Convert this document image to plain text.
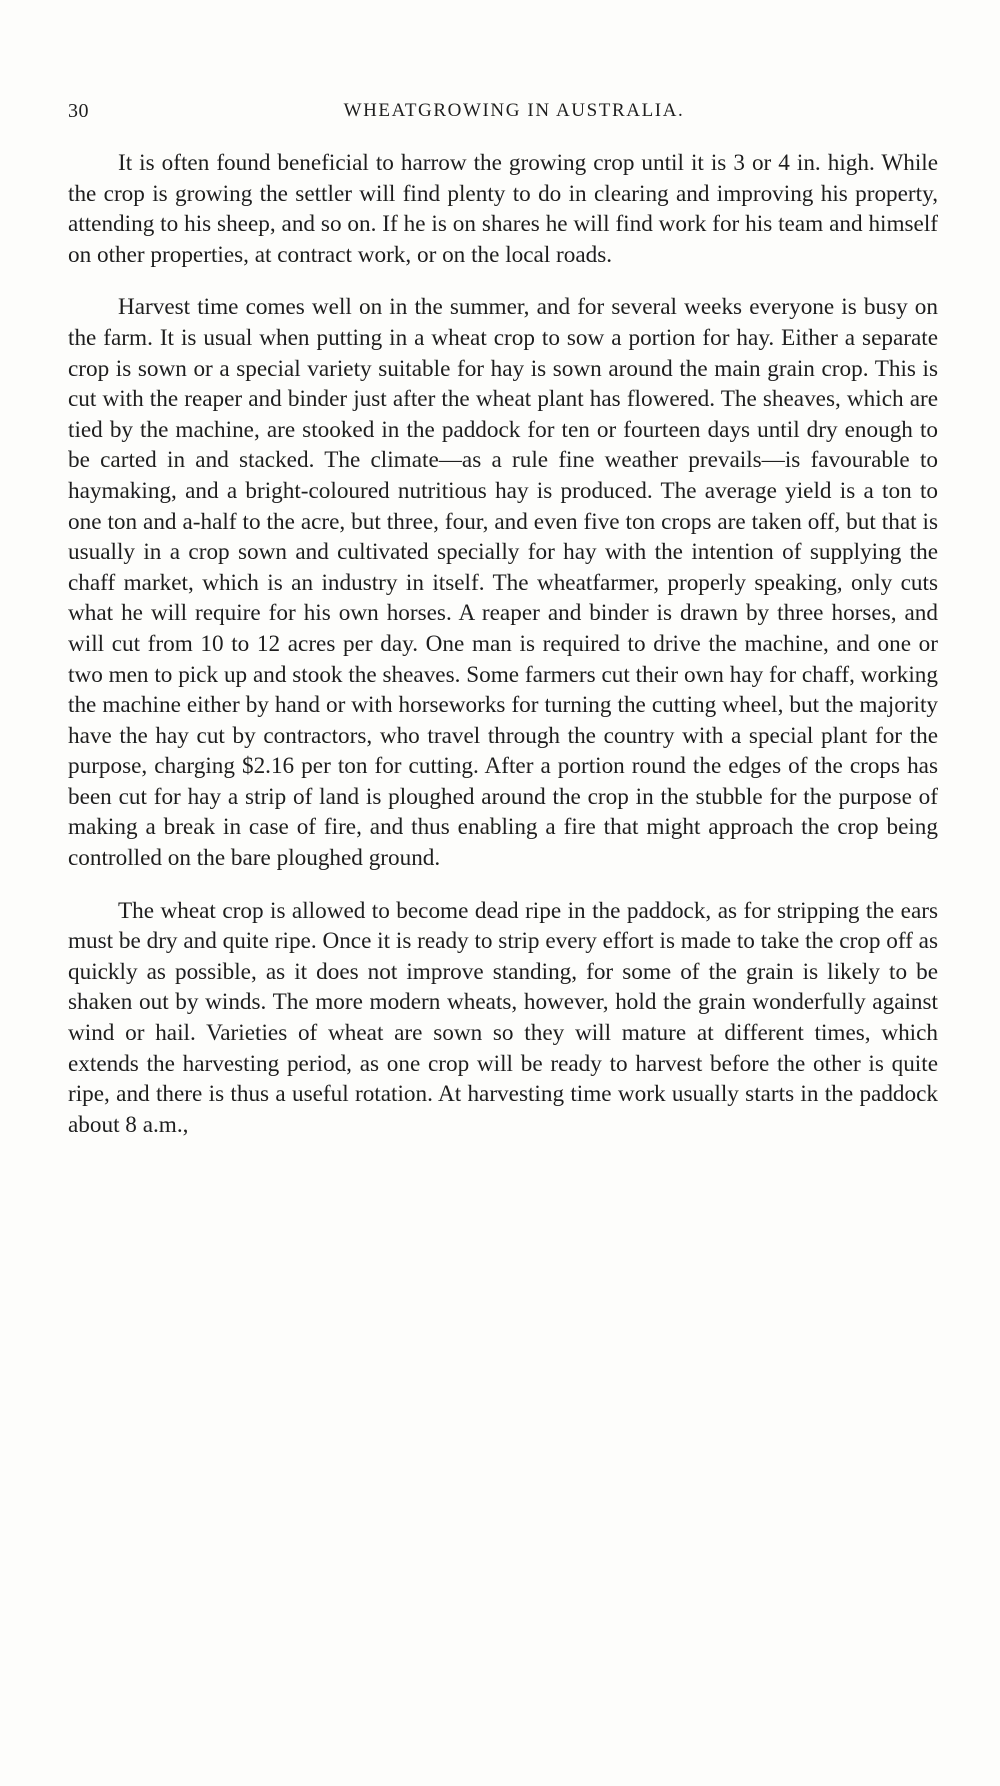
30	WHEATGROWING IN AUSTRALIA.

It is often found beneficial to harrow the growing crop until it is 3 or 4 in. high. While the crop is growing the settler will find plenty to do in clearing and improving his property, attending to his sheep, and so on. If he is on shares he will find work for his team and himself on other properties, at contract work, or on the local roads.

Harvest time comes well on in the summer, and for several weeks everyone is busy on the farm. It is usual when putting in a wheat crop to sow a portion for hay. Either a separate crop is sown or a special variety suitable for hay is sown around the main grain crop. This is cut with the reaper and binder just after the wheat plant has flowered. The sheaves, which are tied by the machine, are stooked in the paddock for ten or fourteen days until dry enough to be carted in and stacked. The climate—as a rule fine weather prevails—is favourable to haymaking, and a bright-coloured nutritious hay is produced. The average yield is a ton to one ton and a-half to the acre, but three, four, and even five ton crops are taken off, but that is usually in a crop sown and cultivated specially for hay with the intention of supplying the chaff market, which is an industry in itself. The wheatfarmer, properly speaking, only cuts what he will require for his own horses. A reaper and binder is drawn by three horses, and will cut from 10 to 12 acres per day. One man is required to drive the machine, and one or two men to pick up and stook the sheaves. Some farmers cut their own hay for chaff, working the machine either by hand or with horseworks for turning the cutting wheel, but the majority have the hay cut by contractors, who travel through the country with a special plant for the purpose, charging $2.16 per ton for cutting. After a portion round the edges of the crops has been cut for hay a strip of land is ploughed around the crop in the stubble for the purpose of making a break in case of fire, and thus enabling a fire that might approach the crop being controlled on the bare ploughed ground.

The wheat crop is allowed to become dead ripe in the paddock, as for stripping the ears must be dry and quite ripe. Once it is ready to strip every effort is made to take the crop off as quickly as possible, as it does not improve standing, for some of the grain is likely to be shaken out by winds. The more modern wheats, however, hold the grain wonderfully against wind or hail. Varieties of wheat are sown so they will mature at different times, which extends the harvesting period, as one crop will be ready to harvest before the other is quite ripe, and there is thus a useful rotation. At harvesting time work usually starts in the paddock about 8 a.m.,
